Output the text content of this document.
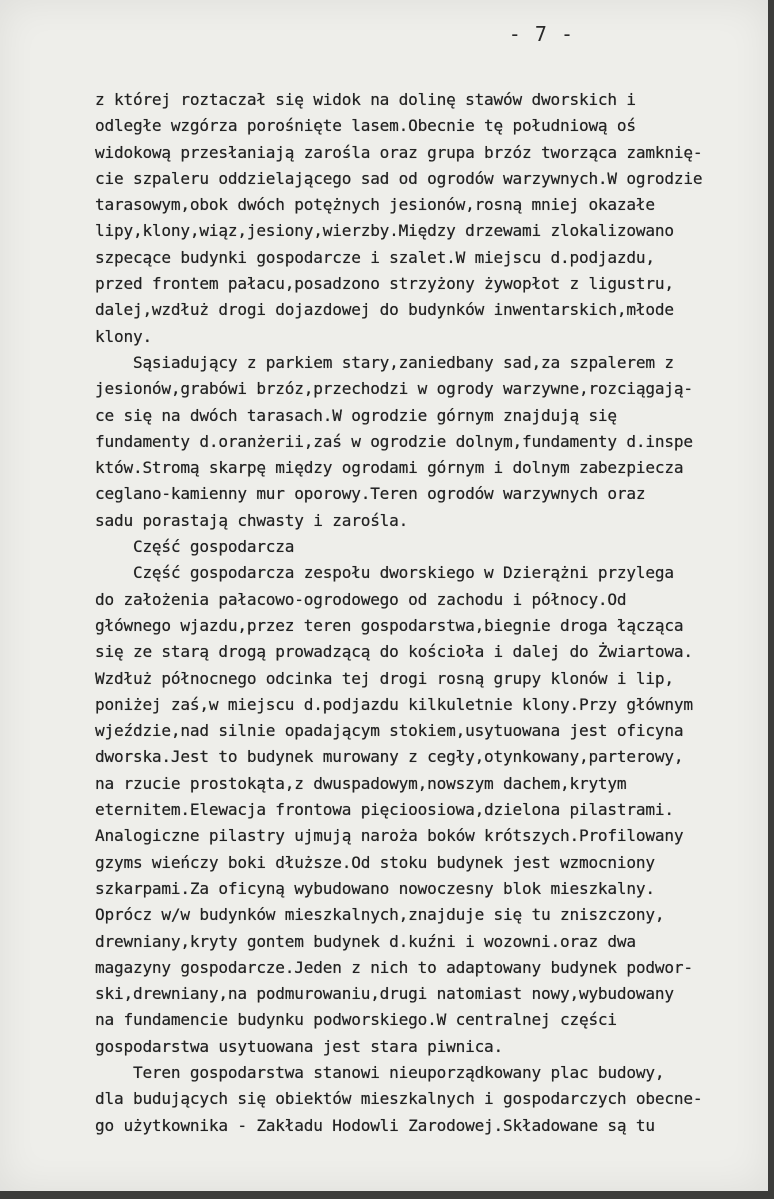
- 7 -
z której roztaczał się widok na dolinę stawów dworskich i
odległe wzgórza porośnięte lasem.Obecnie tę południową oś
widokową przesłaniają zarośla oraz grupa brzóz tworząca zamknię-
cie szpaleru oddzielającego sad od ogrodów warzywnych.W ogrodzie
tarasowym,obok dwóch potężnych jesionów,rosną mniej okazałe
lipy,klony,wiąz,jesiony,wierzby.Między drzewami zlokalizowano
szpecące budynki gospodarcze i szalet.W miejscu d.podjazdu,
przed frontem pałacu,posadzono strzyżony żywopłot z ligustru,
dalej,wzdłuż drogi dojazdowej do budynków inwentarskich,młode
klony.
Sąsiadujący z parkiem stary,zaniedbany sad,za szpalerem z
jesionów,grabówi brzóz,przechodzi w ogrody warzywne,rozciągają-
ce się na dwóch tarasach.W ogrodzie górnym znajdują się
fundamenty d.oranżerii,zaś w ogrodzie dolnym,fundamenty d.inspe
któw.Stromą skarpę między ogrodami górnym i dolnym zabezpiecza
ceglano-kamienny mur oporowy.Teren ogrodów warzywnych oraz
sadu porastają chwasty i zarośla.
Część gospodarcza
Część gospodarcza zespołu dworskiego w Dzierążni przylega
do założenia pałacowo-ogrodowego od zachodu i północy.Od
głównego wjazdu,przez teren gospodarstwa,biegnie droga łącząca
się ze starą drogą prowadzącą do kościoła i dalej do Żwiartowa.
Wzdłuż północnego odcinka tej drogi rosną grupy klonów i lip,
poniżej zaś,w miejscu d.podjazdu kilkuletnie klony.Przy głównym
wjeździe,nad silnie opadającym stokiem,usytuowana jest oficyna
dworska.Jest to budynek murowany z cegły,otynkowany,parterowy,
na rzucie prostokąta,z dwuspadowym,nowszym dachem,krytym
eternitem.Elewacja frontowa pięcioosiowa,dzielona pilastrami.
Analogiczne pilastry ujmują naroża boków krótszych.Profilowany
gzyms wieńczy boki dłuższe.Od stoku budynek jest wzmocniony
szkarpami.Za oficyną wybudowano nowoczesny blok mieszkalny.
Oprócz w/w budynków mieszkalnych,znajduje się tu zniszczony,
drewniany,kryty gontem budynek d.kuźni i wozowni.oraz dwa
magazyny gospodarcze.Jeden z nich to adaptowany budynek podwor-
ski,drewniany,na podmurowaniu,drugi natomiast nowy,wybudowany
na fundamencie budynku podworskiego.W centralnej części
gospodarstwa usytuowana jest stara piwnica.
Teren gospodarstwa stanowi nieuporządkowany plac budowy,
dla budujących się obiektów mieszkalnych i gospodarczych obecne-
go użytkownika - Zakładu Hodowli Zarodowej.Składowane są tu
